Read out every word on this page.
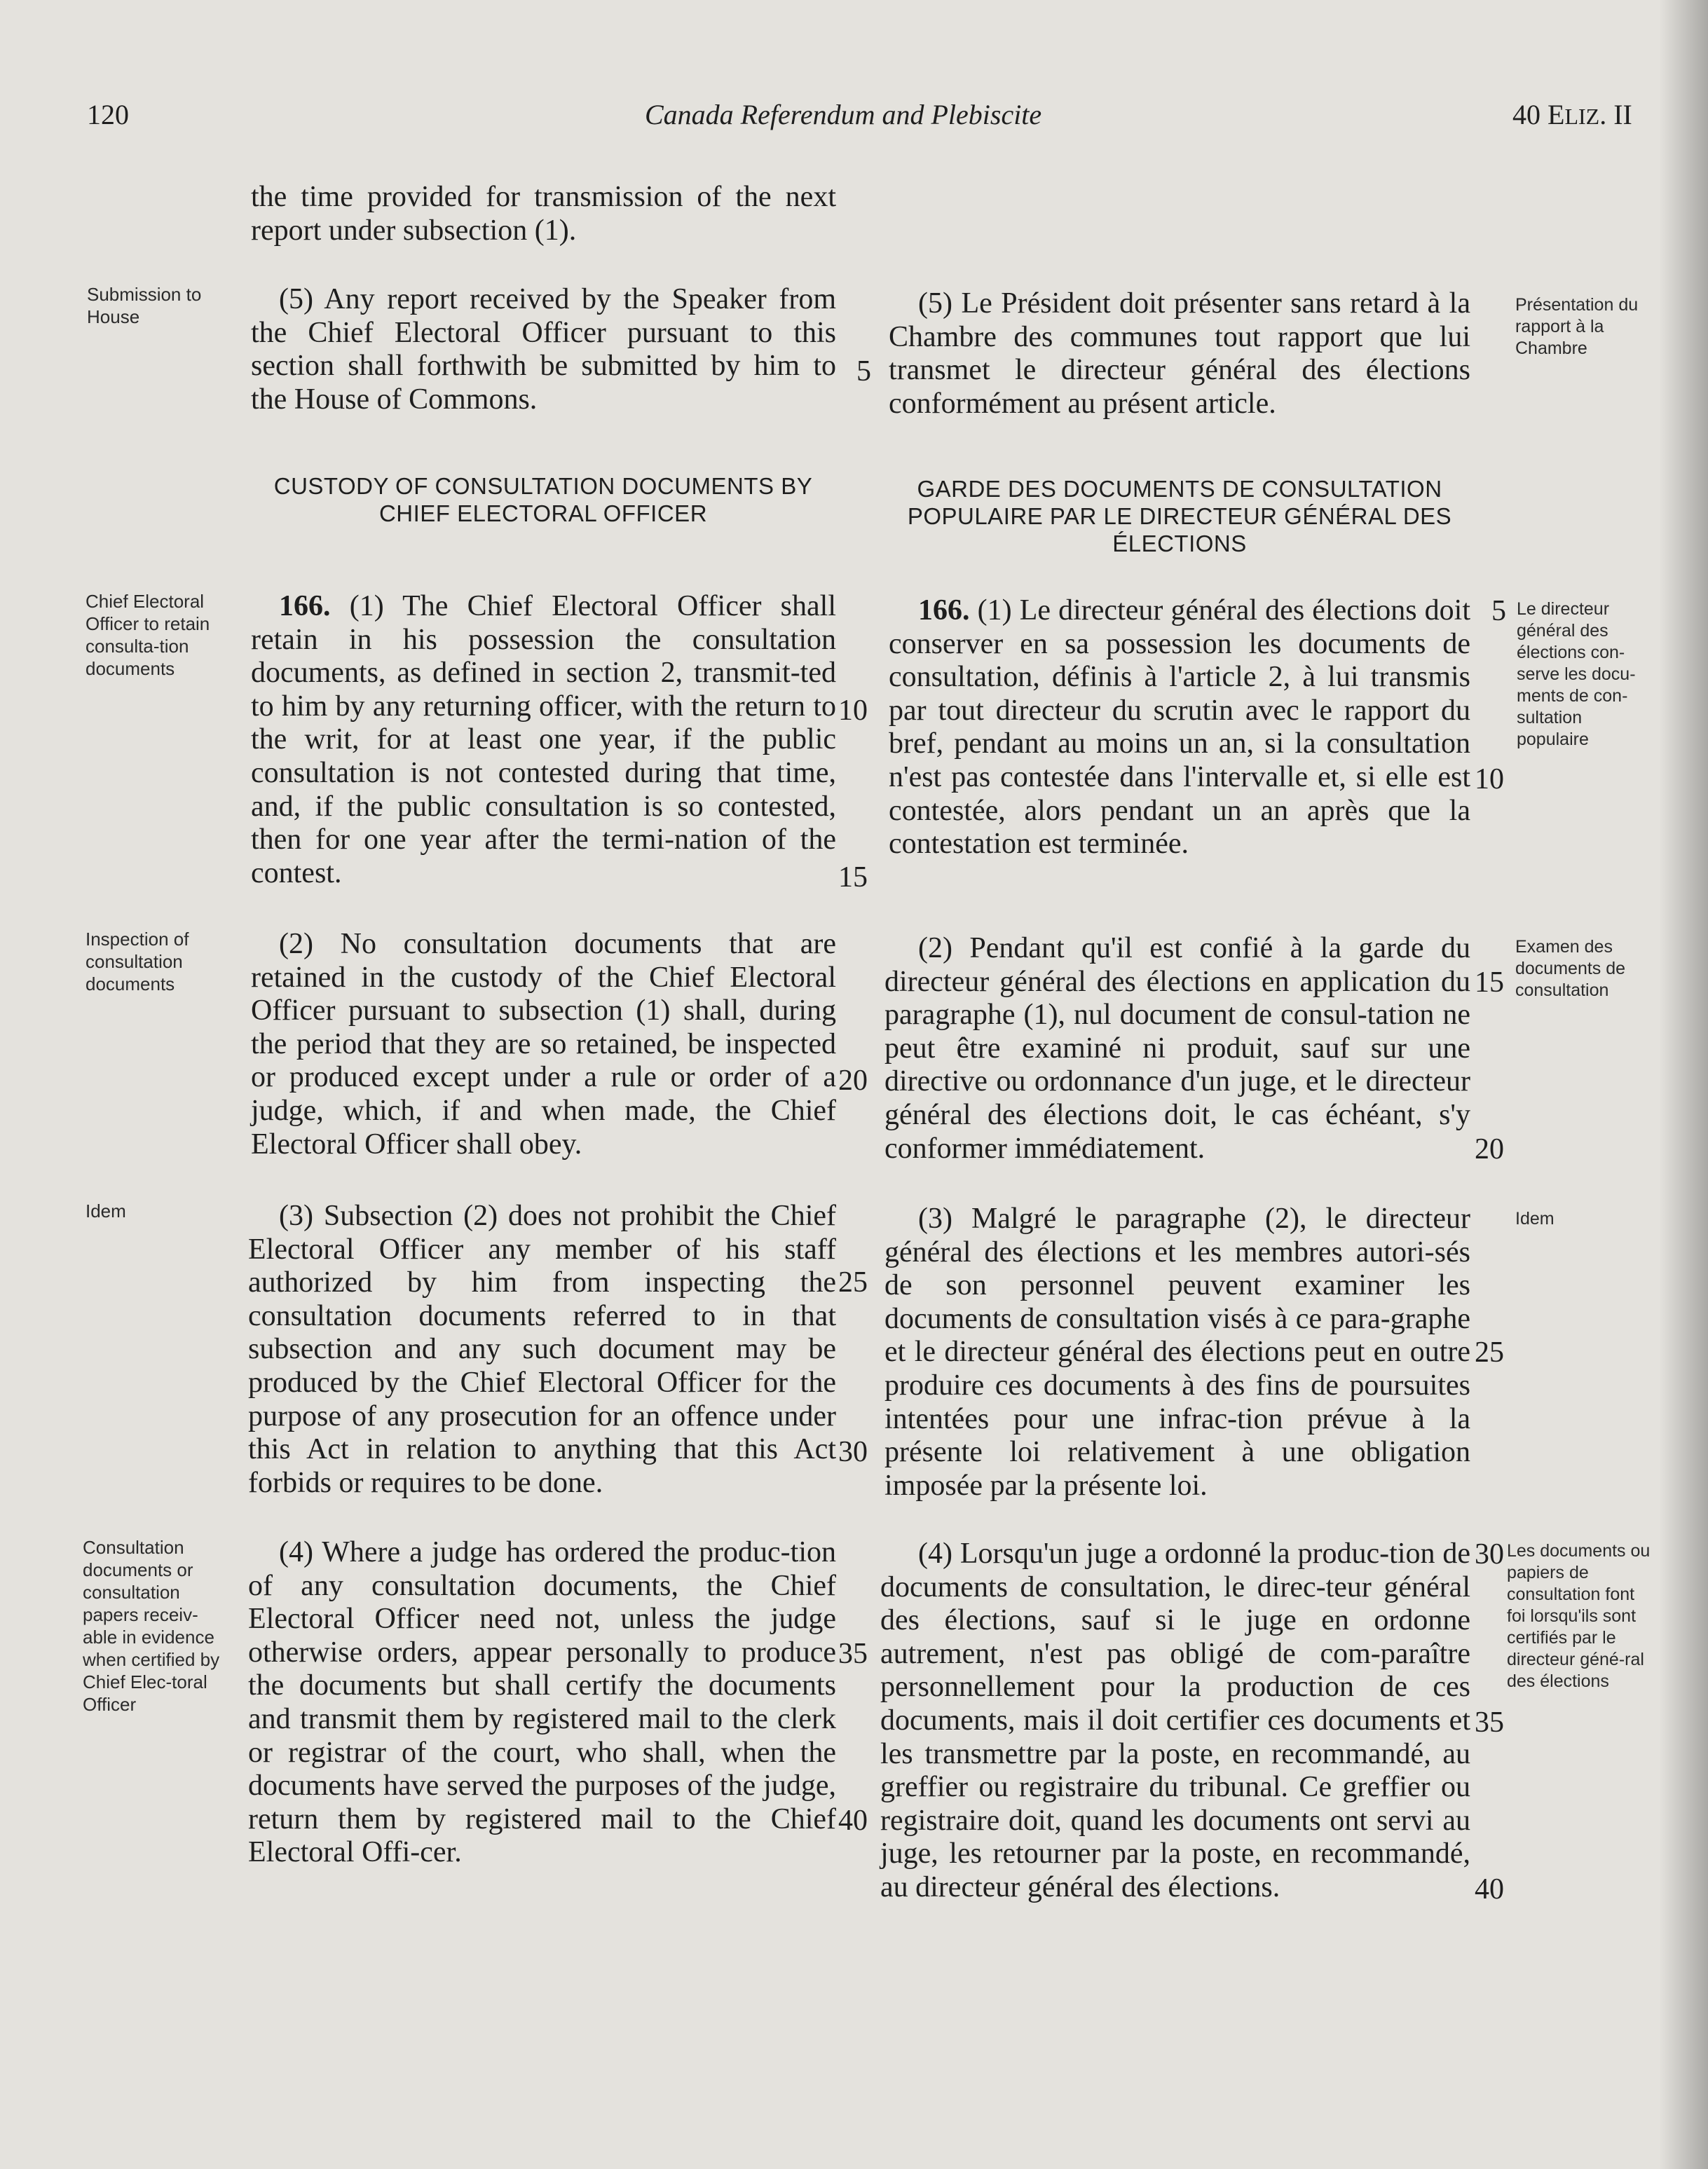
120	Canada Referendum and Plebiscite	40 ELIZ. II
Submission to House
Chief Electoral Officer to retain consulta-tion documents
Inspection of consultation documents
Idem
Consultation documents or consultation papers receiv-able in evidence when certified by Chief Elec-toral Officer
Présentation du rapport à la Chambre
Le directeur général des élections con-serve les docu-ments de con-sultation populaire
Examen des documents de consultation
Idem
Les documents ou papiers de consultation font foi lorsqu'ils sont certifiés par le directeur géné-ral des élections
the time provided for transmission of the next report under subsection (1).
(5) Any report received by the Speaker from the Chief Electoral Officer pursuant to this section shall forthwith be submitted by him to the House of Commons.
CUSTODY OF CONSULTATION DOCUMENTS BY CHIEF ELECTORAL OFFICER
166. (1) The Chief Electoral Officer shall retain in his possession the consultation documents, as defined in section 2, transmit-ted to him by any returning officer, with the return to the writ, for at least one year, if the public consultation is not contested during that time, and, if the public consultation is so contested, then for one year after the termi-nation of the contest.
(2) No consultation documents that are retained in the custody of the Chief Electoral Officer pursuant to subsection (1) shall, during the period that they are so retained, be inspected or produced except under a rule or order of a judge, which, if and when made, the Chief Electoral Officer shall obey.
(3) Subsection (2) does not prohibit the Chief Electoral Officer any member of his staff authorized by him from inspecting the consultation documents referred to in that subsection and any such document may be produced by the Chief Electoral Officer for the purpose of any prosecution for an offence under this Act in relation to anything that this Act forbids or requires to be done.
(4) Where a judge has ordered the produc-tion of any consultation documents, the Chief Electoral Officer need not, unless the judge otherwise orders, appear personally to produce the documents but shall certify the documents and transmit them by registered mail to the clerk or registrar of the court, who shall, when the documents have served the purposes of the judge, return them by registered mail to the Chief Electoral Offi-cer.
5
10
15
20
25
30
35
40
(5) Le Président doit présenter sans retard à la Chambre des communes tout rapport que lui transmet le directeur général des élections conformément au présent article.
GARDE DES DOCUMENTS DE CONSULTATION POPULAIRE PAR LE DIRECTEUR GÉNÉRAL DES ÉLECTIONS
166. (1) Le directeur général des élections doit conserver en sa possession les documents de consultation, définis à l'article 2, à lui transmis par tout directeur du scrutin avec le rapport du bref, pendant au moins un an, si la consultation n'est pas contestée dans l'intervalle et, si elle est contestée, alors pendant un an après que la contestation est terminée.
(2) Pendant qu'il est confié à la garde du directeur général des élections en application du paragraphe (1), nul document de consul-tation ne peut être examiné ni produit, sauf sur une directive ou ordonnance d'un juge, et le directeur général des élections doit, le cas échéant, s'y conformer immédiatement.
(3) Malgré le paragraphe (2), le directeur général des élections et les membres autori-sés de son personnel peuvent examiner les documents de consultation visés à ce para-graphe et le directeur général des élections peut en outre produire ces documents à des fins de poursuites intentées pour une infrac-tion prévue à la présente loi relativement à une obligation imposée par la présente loi.
(4) Lorsqu'un juge a ordonné la produc-tion de documents de consultation, le direc-teur général des élections, sauf si le juge en ordonne autrement, n'est pas obligé de com-paraître personnellement pour la production de ces documents, mais il doit certifier ces documents et les transmettre par la poste, en recommandé, au greffier ou registraire du tribunal. Ce greffier ou registraire doit, quand les documents ont servi au juge, les retourner par la poste, en recommandé, au directeur général des élections.
5
10
15
20
25
30
35
40
